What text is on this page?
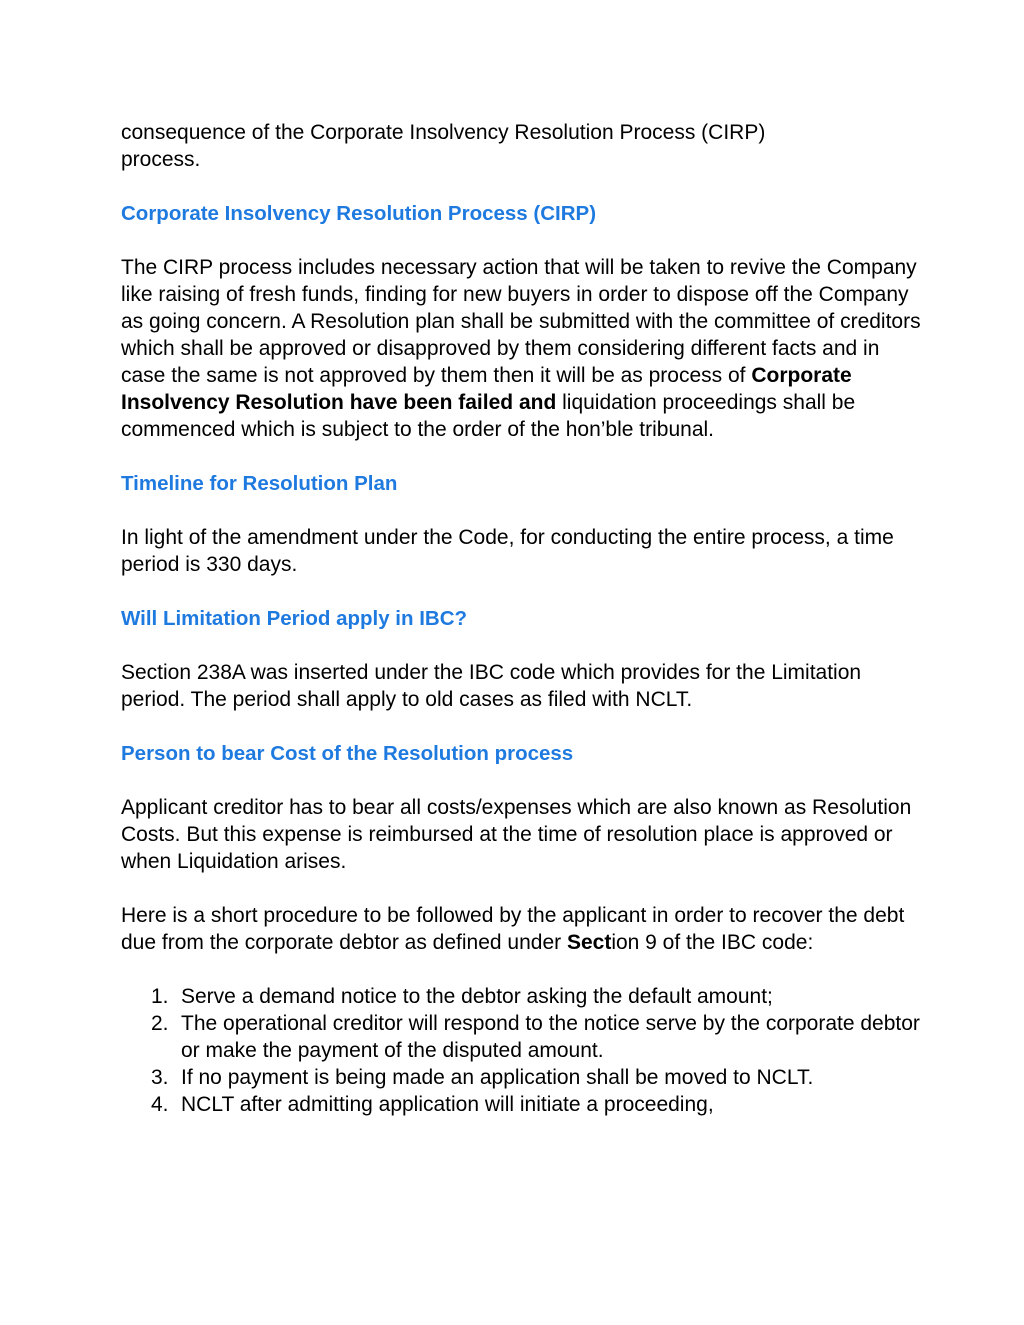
consequence of the Corporate Insolvency Resolution Process (CIRP)
process.

Corporate Insolvency Resolution Process (CIRP)

The CIRP process includes necessary action that will be taken to revive the Company like raising of fresh funds, finding for new buyers in order to dispose off the Company as going concern. A Resolution plan shall be submitted with the committee of creditors which shall be approved or disapproved by them considering different facts and in case the same is not approved by them then it will be as process of Corporate Insolvency Resolution have been failed and liquidation proceedings shall be commenced which is subject to the order of the hon’ble tribunal.

Timeline for Resolution Plan

In light of the amendment under the Code, for conducting the entire process, a time period is 330 days.

Will Limitation Period apply in IBC?

Section 238A was inserted under the IBC code which provides for the Limitation period. The period shall apply to old cases as filed with NCLT.

Person to bear Cost of the Resolution process

Applicant creditor has to bear all costs/expenses which are also known as Resolution Costs. But this expense is reimbursed at the time of resolution place is approved or when Liquidation arises.

Here is a short procedure to be followed by the applicant in order to recover the debt due from the corporate debtor as defined under Section 9 of the IBC code:

1. Serve a demand notice to the debtor asking the default amount;
2. The operational creditor will respond to the notice serve by the corporate debtor or make the payment of the disputed amount.
3. If no payment is being made an application shall be moved to NCLT.
4. NCLT after admitting application will initiate a proceeding,
